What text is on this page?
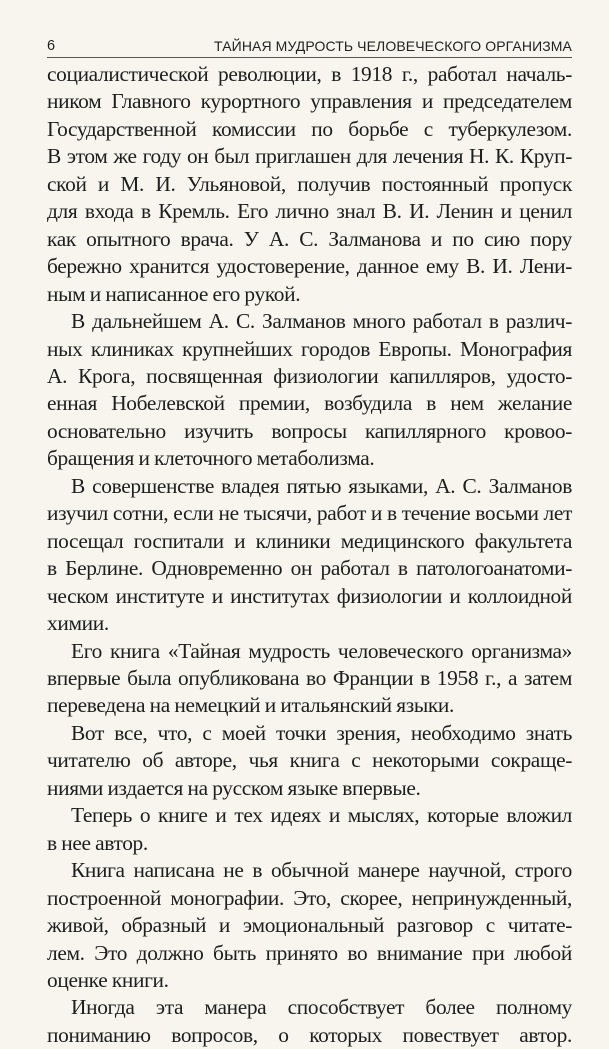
6	ТАЙНАЯ МУДРОСТЬ ЧЕЛОВЕЧЕСКОГО ОРГАНИЗМА

социалистической революции, в 1918 г., работал началь-
ником Главного курортного управления и председателем
Государственной комиссии по борьбе с туберкулезом.
В этом же году он был приглашен для лечения Н. К. Круп-
ской и М. И. Ульяновой, получив постоянный пропуск
для входа в Кремль. Его лично знал В. И. Ленин и ценил
как опытного врача. У А. С. Залманова и по сию пору
бережно хранится удостоверение, данное ему В. И. Лени-
ным и написанное его рукой.

В дальнейшем А. С. Залманов много работал в различ-
ных клиниках крупнейших городов Европы. Монография
А. Крога, посвященная физиологии капилляров, удосто-
енная Нобелевской премии, возбудила в нем желание
основательно изучить вопросы капиллярного кровоо-
бращения и клеточного метаболизма.

В совершенстве владея пятью языками, А. С. Залманов
изучил сотни, если не тысячи, работ и в течение восьми лет
посещал госпитали и клиники медицинского факультета
в Берлине. Одновременно он работал в патологоанатоми-
ческом институте и институтах физиологии и коллоидной
химии.

Его книга «Тайная мудрость человеческого организма»
впервые была опубликована во Франции в 1958 г., а затем
переведена на немецкий и итальянский языки.

Вот все, что, с моей точки зрения, необходимо знать
читателю об авторе, чья книга с некоторыми сокраще-
ниями издается на русском языке впервые.

Теперь о книге и тех идеях и мыслях, которые вложил
в нее автор.

Книга написана не в обычной манере научной, строго
построенной монографии. Это, скорее, непринужденный,
живой, образный и эмоциональный разговор с читате-
лем. Это должно быть принято во внимание при любой
оценке книги.

Иногда эта манера способствует более полному
пониманию вопросов, о которых повествует автор.
